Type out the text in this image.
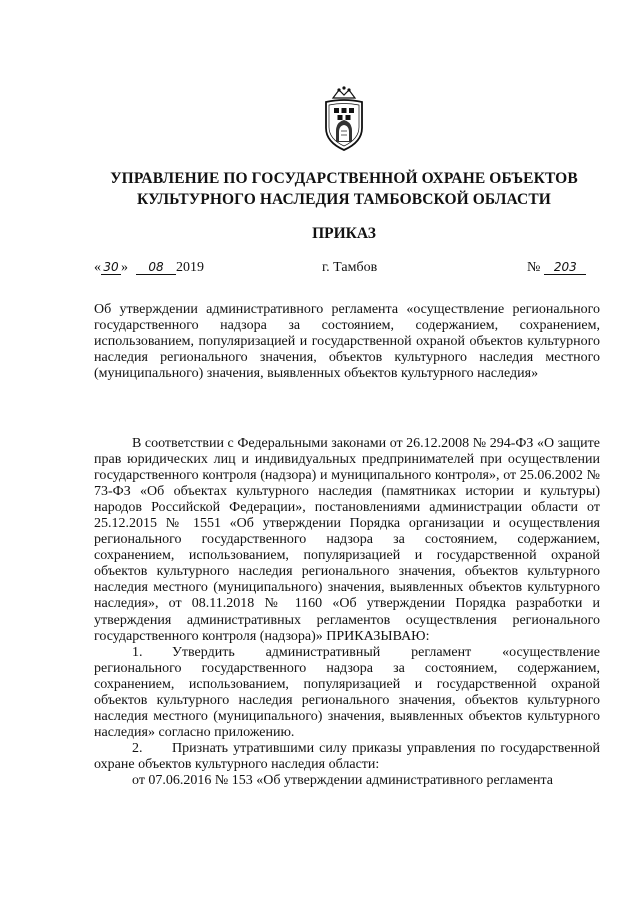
УПРАВЛЕНИЕ ПО ГОСУДАРСТВЕННОЙ ОХРАНЕ ОБЪЕКТОВ
КУЛЬТУРНОГО НАСЛЕДИЯ ТАМБОВСКОЙ ОБЛАСТИ
ПРИКАЗ
« 30 » 08 2019	г. Тамбов	№ 203
Об утверждении административного регламента «осуществление регионального государственного надзора за состоянием, содержанием, сохранением, использованием, популяризацией и государственной охраной объектов культурного наследия регионального значения, объектов культурного наследия местного (муниципального) значения, выявленных объектов культурного наследия»

В соответствии с Федеральными законами от 26.12.2008 № 294-ФЗ «О защите прав юридических лиц и индивидуальных предпринимателей при осуществлении государственного контроля (надзора) и муниципального контроля», от 25.06.2002 № 73-ФЗ «Об объектах культурного наследия (памятниках истории и культуры) народов Российской Федерации», постановлениями администрации области от 25.12.2015 № 1551 «Об утверждении Порядка организации и осуществления регионального государственного надзора за состоянием, содержанием, сохранением, использованием, популяризацией и государственной охраной объектов культурного наследия регионального значения, объектов культурного наследия местного (муниципального) значения, выявленных объектов культурного наследия», от 08.11.2018 № 1160 «Об утверждении Порядка разработки и утверждения административных регламентов осуществления регионального государственного контроля (надзора)» ПРИКАЗЫВАЮ:

1. Утвердить административный регламент «осуществление регионального государственного надзора за состоянием, содержанием, сохранением, использованием, популяризацией и государственной охраной объектов культурного наследия регионального значения, объектов культурного наследия местного (муниципального) значения, выявленных объектов культурного наследия» согласно приложению.

2. Признать утратившими силу приказы управления по государственной охране объектов культурного наследия области:

от 07.06.2016 № 153 «Об утверждении административного регламента
